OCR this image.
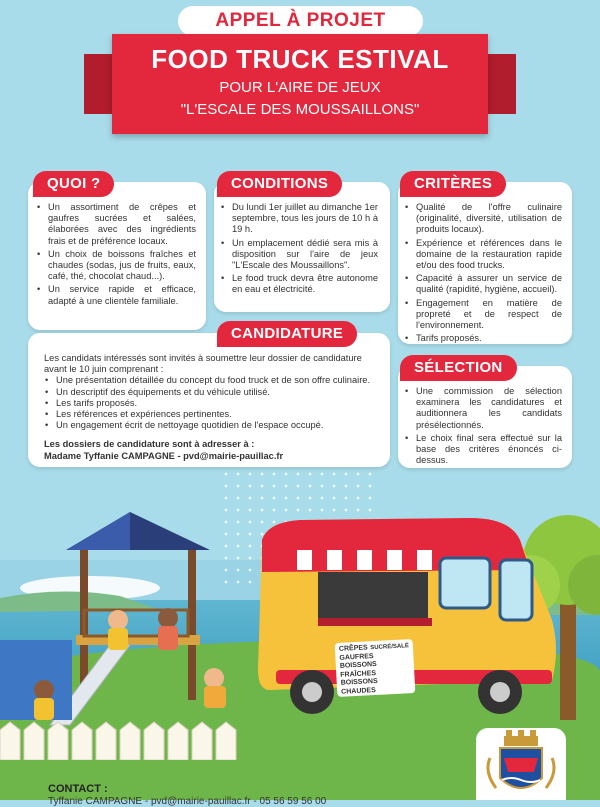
CRÊPES SUCRÉ/SALÉ
GAUFRES
BOISSONS FRAÎCHES
BOISSONS CHAUDES
APPEL À PROJET
FOOD TRUCK ESTIVAL
POUR L'AIRE DE JEUX
"L'ESCALE DES MOUSSAILLONS"
• Un assortiment de crêpes et gaufres sucrées et salées, élaborées avec des ingrédients frais et de préférence locaux.
• Un choix de boissons fraîches et chaudes (sodas, jus de fruits, eaux, café, thé, chocolat chaud...).
• Un service rapide et efficace, adapté à une clientèle familiale.
QUOI ?
• Du lundi 1er juillet au dimanche 1er septembre, tous les jours de 10 h à 19 h.
• Un emplacement dédié sera mis à disposition sur l'aire de jeux "L'Escale des Moussaillons".
• Le food truck devra être autonome en eau et électricité.
CONDITIONS
• Qualité de l'offre culinaire (originalité, diversité, utilisation de produits locaux).
• Expérience et références dans le domaine de la restauration rapide et/ou des food trucks.
• Capacité à assurer un service de qualité (rapidité, hygiène, accueil).
• Engagement en matière de propreté et de respect de l'environnement.
• Tarifs proposés.
CRITÈRES

Les candidats intéressés sont invités à soumettre leur dossier de candidature avant le 10 juin comprenant :

• Une présentation détaillée du concept du food truck et de son offre culinaire.
• Un descriptif des équipements et du véhicule utilisé.
• Les tarifs proposés.
• Les références et expériences pertinentes.
• Un engagement écrit de nettoyage quotidien de l'espace occupé.
Les dossiers de candidature sont à adresser à :
Madame Tyffanie CAMPAGNE - pvd@mairie-pauillac.fr
CANDIDATURE
• Une commission de sélection examinera les candidatures et auditionnera les candidats présélectionnés.
• Le choix final sera effectué sur la base des critères énoncés ci-dessus.
SÉLECTION
CONTACT :
Tyffanie CAMPAGNE - pvd@mairie-pauillac.fr - 05 56 59 56 00
